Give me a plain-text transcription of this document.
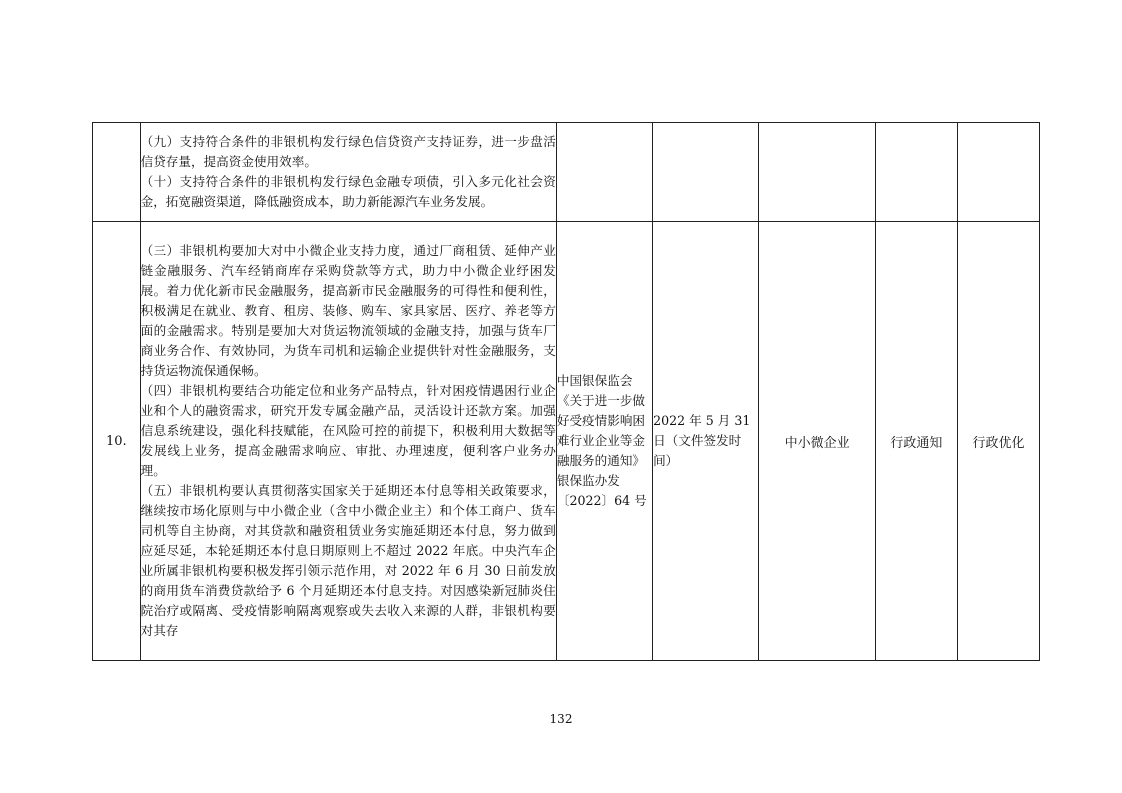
	（九）支持符合条件的非银机构发行绿色信贷资产支持证券，进一步盘活信贷存量，提高资金使用效率。

（十）支持符合条件的非银机构发行绿色金融专项债，引入多元化社会资金，拓宽融资渠道，降低融资成本，助力新能源汽车业务发展。					

10.	（三）非银机构要加大对中小微企业支持力度，通过厂商租赁、延伸产业链金融服务、汽车经销商库存采购贷款等方式，助力中小微企业纾困发展。着力优化新市民金融服务，提高新市民金融服务的可得性和便利性，积极满足在就业、教育、租房、装修、购车、家具家居、医疗、养老等方面的金融需求。特别是要加大对货运物流领域的金融支持，加强与货车厂商业务合作、有效协同，为货车司机和运输企业提供针对性金融服务，支持货运物流保通保畅。

（四）非银机构要结合功能定位和业务产品特点，针对困疫情遇困行业企业和个人的融资需求，研究开发专属金融产品，灵活设计还款方案。加强信息系统建设，强化科技赋能，在风险可控的前提下，积极利用大数据等发展线上业务，提高金融需求响应、审批、办理速度，便利客户业务办理。

（五）非银机构要认真贯彻落实国家关于延期还本付息等相关政策要求，继续按市场化原则与中小微企业（含中小微企业主）和个体工商户、货车司机等自主协商，对其贷款和融资租赁业务实施延期还本付息，努力做到应延尽延，本轮延期还本付息日期原则上不超过 2022 年底。中央汽车企业所属非银机构要积极发挥引领示范作用，对 2022 年 6 月 30 日前发放的商用货车消费贷款给予 6 个月延期还本付息支持。对因感染新冠肺炎住院治疗或隔离、受疫情影响隔离观察或失去收入来源的人群，非银机构要对其存	中国银保监会《关于进一步做好受疫情影响困难行业企业等金融服务的通知》银保监办发〔2022〕64 号	2022 年 5 月 31 日（文件签发时间）	中小微企业	行政通知	行政优化
132
